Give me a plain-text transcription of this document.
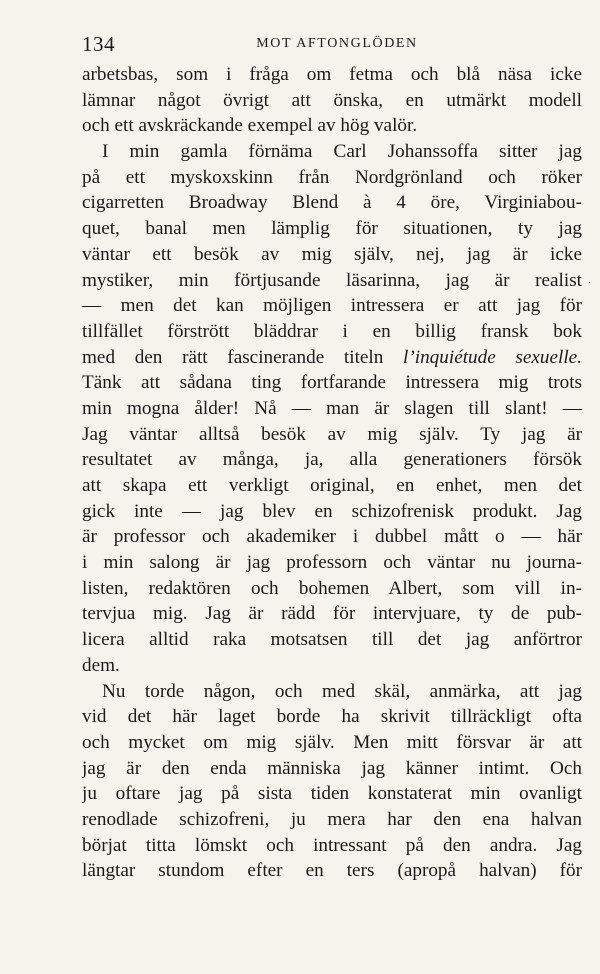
134	MOT AFTONGLÖDEN
arbetsbas, som i fråga om fetma och blå näsa icke
lämnar något övrigt att önska, en utmärkt modell
och ett avskräckande exempel av hög valör.
I min gamla förnäma Carl Johanssoffa sitter jag
på ett myskoxskinn från Nordgrönland och röker
cigarretten Broadway Blend à 4 öre, Virginiabou-
quet, banal men lämplig för situationen, ty jag
väntar ett besök av mig själv, nej, jag är icke
mystiker, min förtjusande läsarinna, jag är realist
— men det kan möjligen intressera er att jag för
tillfället förstrött bläddrar i en billig fransk bok
med den rätt fascinerande titeln l’inquiétude sexuelle.
Tänk att sådana ting fortfarande intressera mig trots
min mogna ålder! Nå — man är slagen till slant! —
Jag väntar alltså besök av mig själv. Ty jag är
resultatet av många, ja, alla generationers försök
att skapa ett verkligt original, en enhet, men det
gick inte — jag blev en schizofrenisk produkt. Jag
är professor och akademiker i dubbel mått o — här
i min salong är jag professorn och väntar nu journa-
listen, redaktören och bohemen Albert, som vill in-
tervjua mig. Jag är rädd för intervjuare, ty de pub-
licera alltid raka motsatsen till det jag anförtror
dem.
Nu torde någon, och med skäl, anmärka, att jag
vid det här laget borde ha skrivit tillräckligt ofta
och mycket om mig själv. Men mitt försvar är att
jag är den enda människa jag känner intimt. Och
ju oftare jag på sista tiden konstaterat min ovanligt
renodlade schizofreni, ju mera har den ena halvan
börjat titta lömskt och intressant på den andra. Jag
längtar stundom efter en ters (apropå halvan) för
.
